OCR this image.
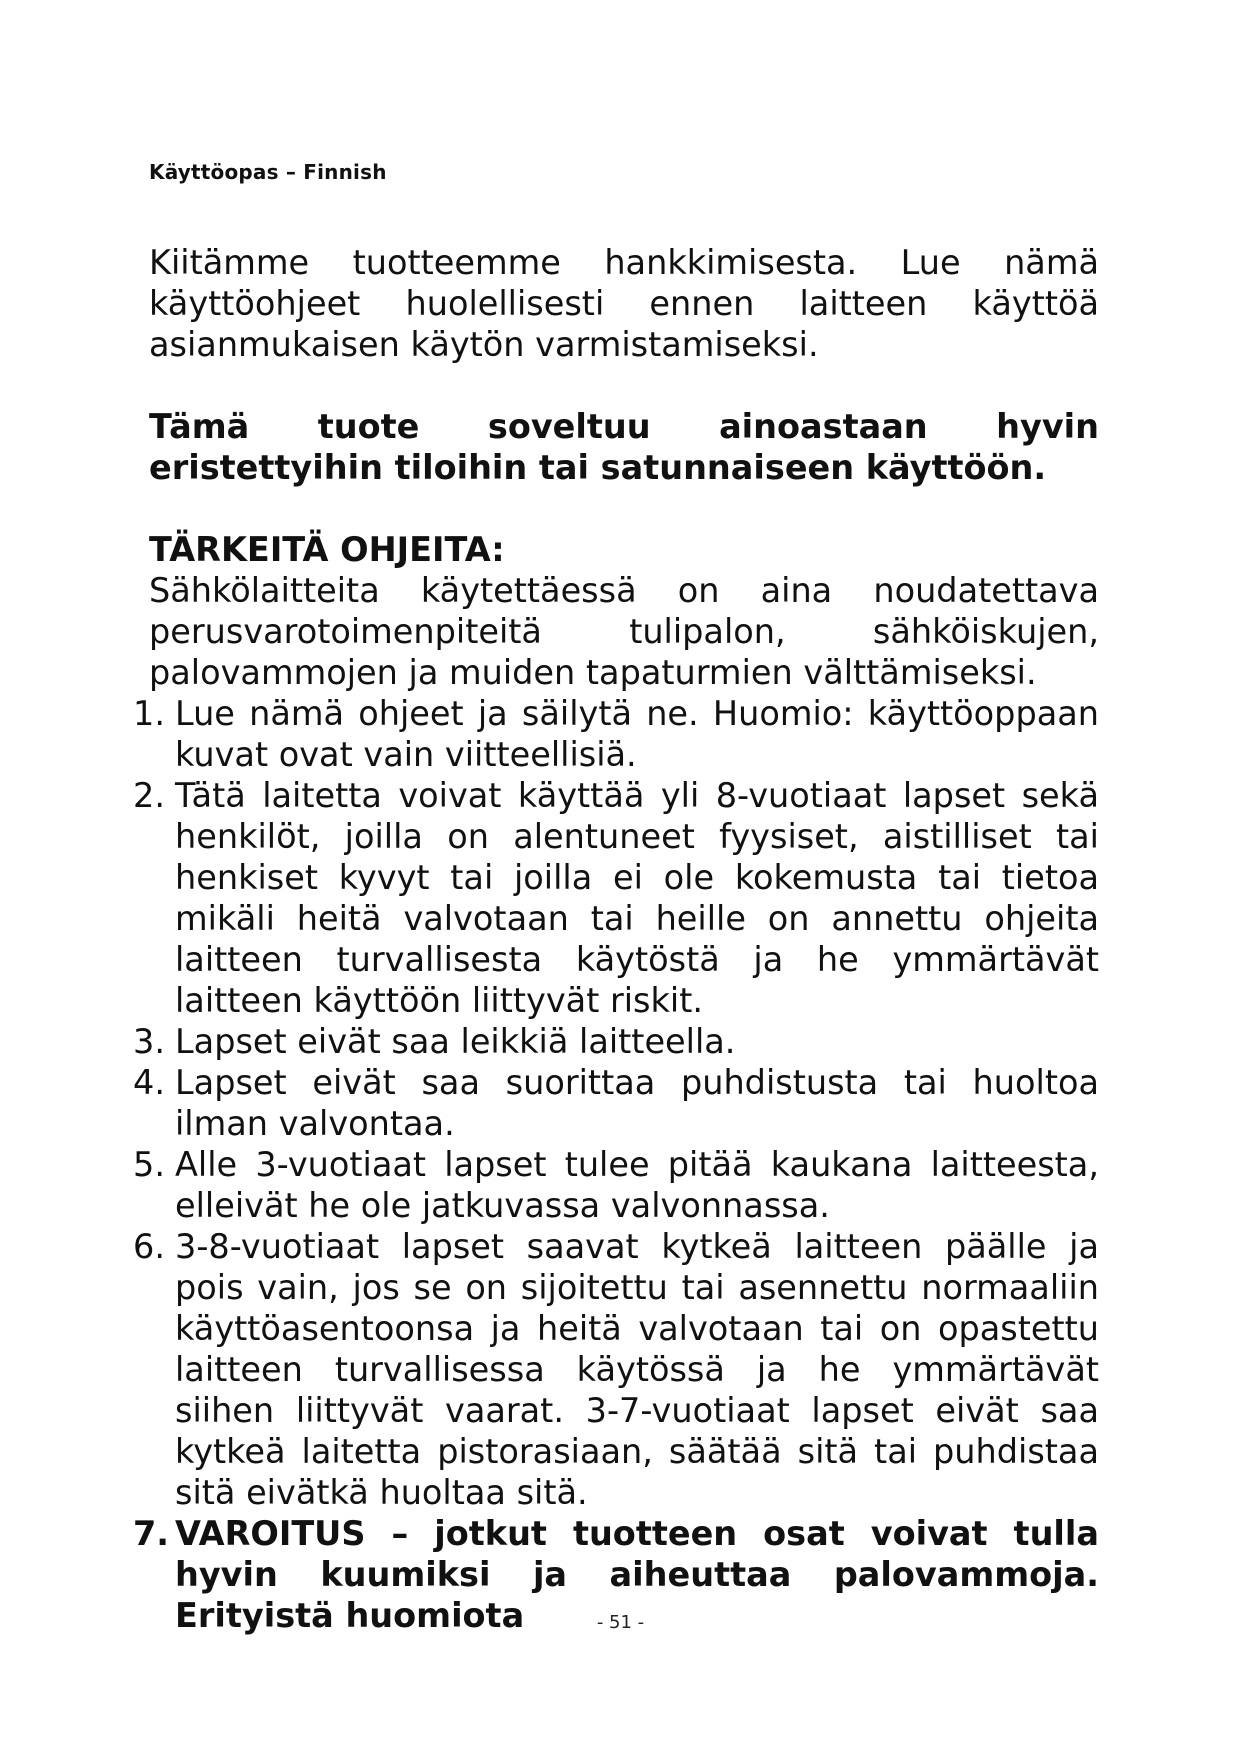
Käyttöopas – Finnish

Kiitämme tuotteemme hankkimisesta. Lue nämä käyttöohjeet huolellisesti ennen laitteen käyttöä asianmukaisen käytön varmistamiseksi.

Tämä tuote soveltuu ainoastaan hyvin eristettyihin tiloihin tai satunnaiseen käyttöön.

TÄRKEITÄ OHJEITA:

Sähkölaitteita käytettäessä on aina noudatettava perusvarotoimenpiteitä tulipalon, sähköiskujen, palovammojen ja muiden tapaturmien välttämiseksi.

1. Lue nämä ohjeet ja säilytä ne. Huomio: käyttöoppaan kuvat ovat vain viitteellisiä.
2. Tätä laitetta voivat käyttää yli 8-vuotiaat lapset sekä henkilöt, joilla on alentuneet fyysiset, aistilliset tai henkiset kyvyt tai joilla ei ole kokemusta tai tietoa mikäli heitä valvotaan tai heille on annettu ohjeita laitteen turvallisesta käytöstä ja he ymmärtävät laitteen käyttöön liittyvät riskit.
3. Lapset eivät saa leikkiä laitteella.
4. Lapset eivät saa suorittaa puhdistusta tai huoltoa ilman valvontaa.
5. Alle 3-vuotiaat lapset tulee pitää kaukana laitteesta, elleivät he ole jatkuvassa valvonnassa.
6. 3-8-vuotiaat lapset saavat kytkeä laitteen päälle ja pois vain, jos se on sijoitettu tai asennettu normaaliin käyttöasentoonsa ja heitä valvotaan tai on opastettu laitteen turvallisessa käytössä ja he ymmärtävät siihen liittyvät vaarat. 3-7-vuotiaat lapset eivät saa kytkeä laitetta pistorasiaan, säätää sitä tai puhdistaa sitä eivätkä huoltaa sitä.
7. VAROITUS – jotkut tuotteen osat voivat tulla hyvin kuumiksi ja aiheuttaa palovammoja. Erityistä huomiota	- 51 -
